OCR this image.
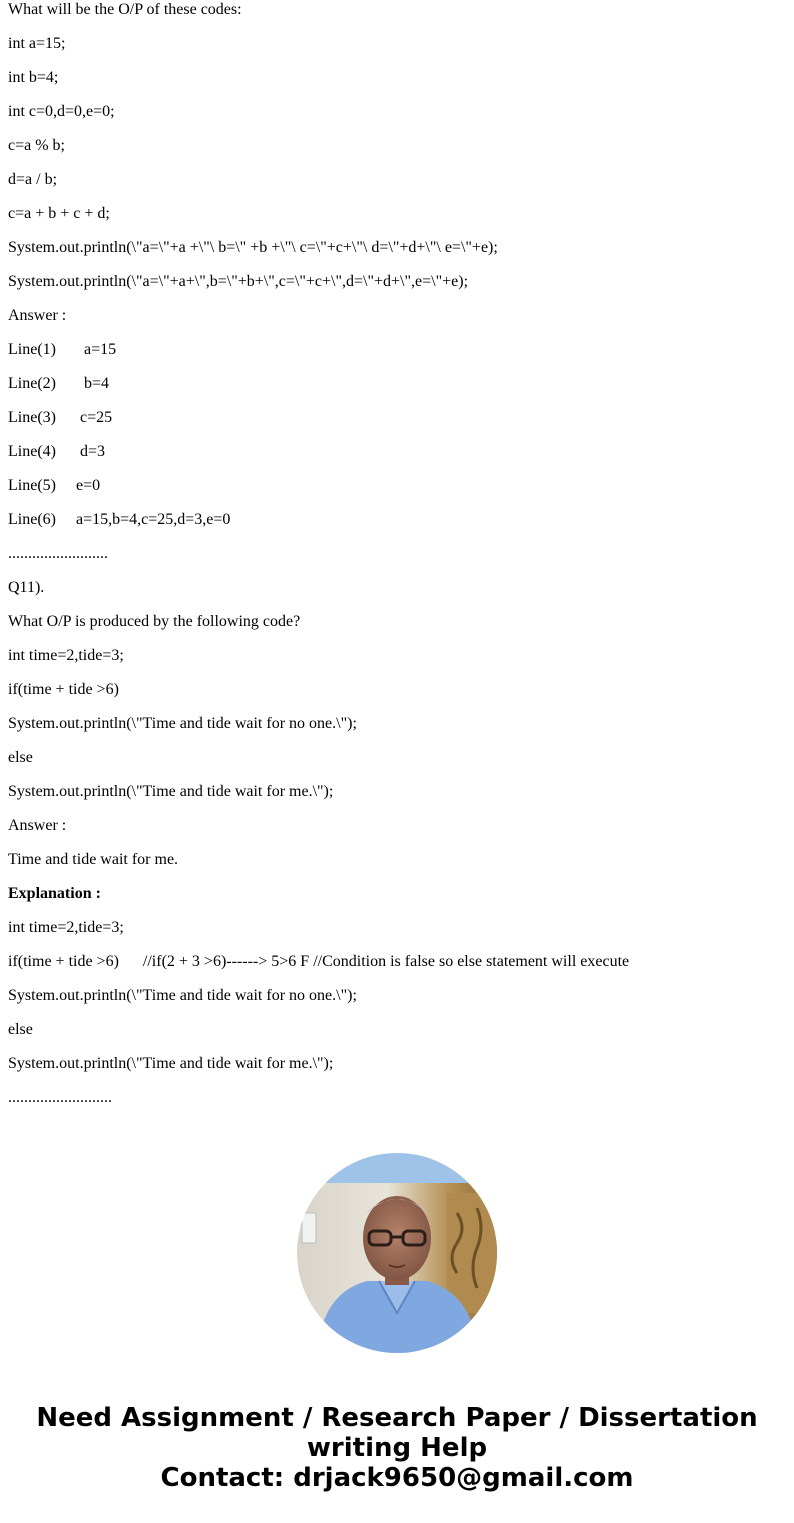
What will be the O/P of these codes:

int a=15;

int b=4;

int c=0,d=0,e=0;

c=a % b;

d=a / b;

c=a + b + c + d;

System.out.println(\"a=\"+a +\"\ b=\" +b +\"\ c=\"+c+\"\ d=\"+d+\"\ e=\"+e);

System.out.println(\"a=\"+a+\",b=\"+b+\",c=\"+c+\",d=\"+d+\",e=\"+e);

Answer :

Line(1)       a=15

Line(2)       b=4

Line(3)      c=25

Line(4)      d=3

Line(5)     e=0

Line(6)     a=15,b=4,c=25,d=3,e=0

.........................

Q11).

What O/P is produced by the following code?

int time=2,tide=3;

if(time + tide >6)

System.out.println(\"Time and tide wait for no one.\");

else

System.out.println(\"Time and tide wait for me.\");

Answer :

Time and tide wait for me.

Explanation :

int time=2,tide=3;

if(time + tide >6)      //if(2 + 3 >6)------> 5>6 F //Condition is false so else statement will execute

System.out.println(\"Time and tide wait for no one.\");

else

System.out.println(\"Time and tide wait for me.\");

..........................

Need Assignment / Research Paper / Dissertation
writing Help
Contact: drjack9650@gmail.com
